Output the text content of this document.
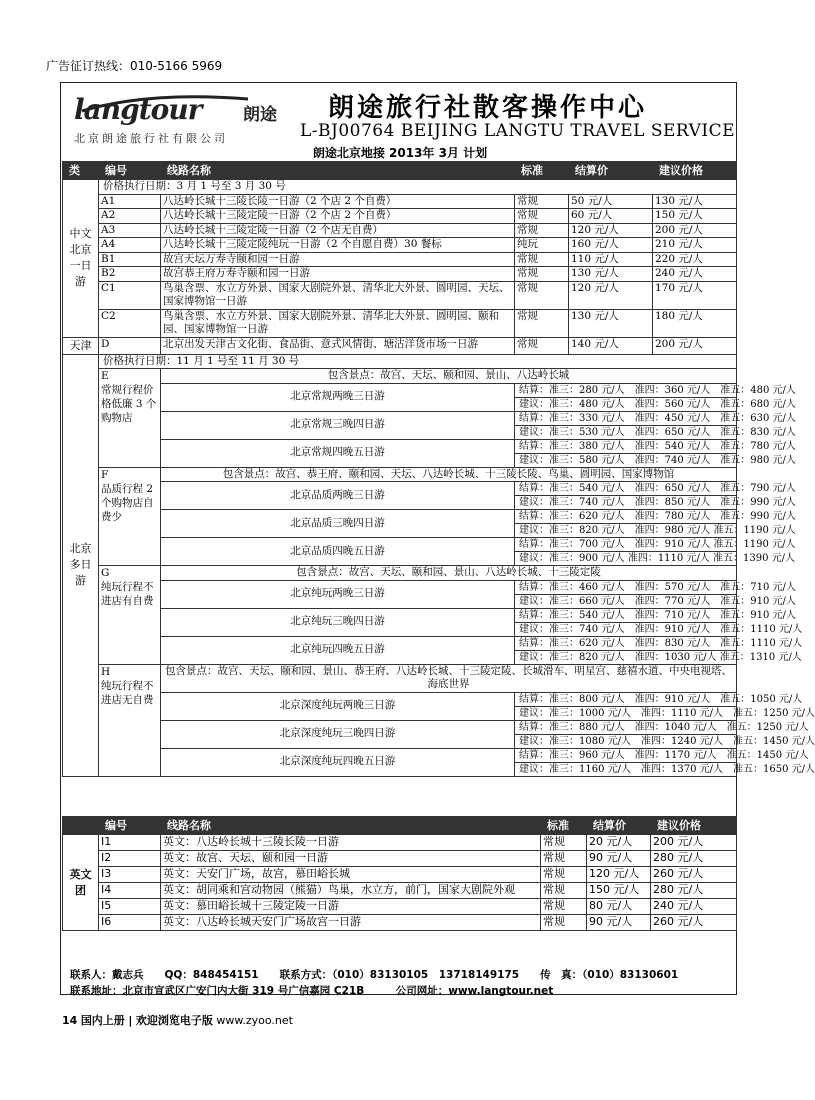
广告征订热线：010-5166 5969
langtour 朗途
北京朗途旅行社有限公司
朗途旅行社散客操作中心
L-BJ00764 BEIJING LANGTU TRAVEL SERVICE
朗途北京地接 2013年 3月 计划
类	编号	线路名称	标准	结算价	建议价格
中文北京一日游	价格执行日期：3 月 1 号至 3 月 30 号				
	A1	八达岭长城十三陵长陵一日游（2 个店 2 个自费）	常规	50 元/人	130 元/人
	A2	八达岭长城十三陵定陵一日游（2 个店 2 个自费）	常规	60 元/人	150 元/人
	A3	八达岭长城十三陵定陵一日游（2 个店无自费）	常规	120 元/人	200 元/人
	A4	八达岭长城十三陵定陵纯玩一日游（2 个自愿自费）30 餐标	纯玩	160 元/人	210 元/人
	B1	故宫天坛万寿寺颐和园一日游	常规	110 元/人	220 元/人
	B2	故宫恭王府万寿寺颐和园一日游	常规	130 元/人	240 元/人
	C1	鸟巢含票、水立方外景、国家大剧院外景、清华北大外景、圆明园、天坛、国家博物馆一日游	常规	120 元/人	170 元/人
	C2	鸟巢含票、水立方外景、国家大剧院外景、清华北大外景、圆明园、颐和园、国家博物馆一日游	常规	130 元/人	180 元/人
天津	D	北京出发天津古文化街、食品街、意式风情街、塘沽洋货市场一日游	常规	140 元/人	200 元/人
北京多日游	价格执行日期：11 月 1 号至 11 月 30 号				

	E
常规行程价格低廉 3 个购物店	包含景点：故宫、天坛、颐和园、景山、八达岭长城			
		北京常规两晚三日游	结算：准三：280 元/人　准四：360 元/人　准五：480 元/人		
			建议：准三：480 元/人　准四：560 元/人　准五：680 元/人		
		北京常规三晚四日游	结算：准三：330 元/人　准四：450 元/人　准五：630 元/人		
			建议：准三：530 元/人　准四：650 元/人　准五：830 元/人		
		北京常规四晚五日游	结算：准三：380 元/人　准四：540 元/人　准五：780 元/人		
			建议：准三：580 元/人　准四：740 元/人　准五：980 元/人		

	F
品质行程 2 个购物店自费少	包含景点：故宫、恭王府、颐和园、天坛、八达岭长城、十三陵长陵、鸟巢、圆明园、国家博物馆			
		北京品质两晚三日游	结算：准三：540 元/人　准四：650 元/人　准五：790 元/人		
			建议：准三：740 元/人　准四：850 元/人　准五：990 元/人		
		北京品质三晚四日游	结算：准三：620 元/人　准四：780 元/人　准五：990 元/人		
			建议：准三：820 元/人　准四：980 元/人 准五：1190 元/人		
		北京品质四晚五日游	结算：准三：700 元/人　准四：910 元/人 准五：1190 元/人		
			建议：准三：900 元/人 准四：1110 元/人 准五：1390 元/人		

	G
纯玩行程不进店有自费	包含景点：故宫、天坛、颐和园、景山、八达岭长城、十三陵定陵			
		北京纯玩两晚三日游	结算：准三：460 元/人　准四：570 元/人　准五：710 元/人		
			建议：准三：660 元/人　准四：770 元/人　准五：910 元/人		
		北京纯玩三晚四日游	结算：准三：540 元/人　准四：710 元/人　准五：910 元/人		
			建议：准三：740 元/人　准四：910 元/人　准五：1110 元/人		
		北京纯玩四晚五日游	结算：准三：620 元/人　准四：830 元/人　准五：1110 元/人		
			建议：准三：820 元/人　准四：1030 元/人 准五：1310 元/人		

	H
纯玩行程不进店无自费	包含景点：故宫、天坛、颐和园、景山、恭王府、八达岭长城、十三陵定陵、长城滑车、明星宫、慈禧水道、中央电视塔、海底世界			
		北京深度纯玩两晚三日游	结算：准三：800 元/人　准四：910 元/人　准五：1050 元/人		
			建议：准三：1000 元/人　准四：1110 元/人　准五：1250 元/人		
		北京深度纯玩三晚四日游	结算：准三：880 元/人　准四：1040 元/人　准五：1250 元/人		
			建议：准三：1080 元/人　准四：1240 元/人　准五：1450 元/人		
		北京深度纯玩四晚五日游	结算：准三：960 元/人　准四：1170 元/人　准五：1450 元/人		
			建议：准三：1160 元/人　准四：1370 元/人　准五：1650 元/人		
	编号	线路名称	标准	结算价	建议价格
英文团	I1	英文：八达岭长城十三陵长陵一日游	常规	20 元/人	200 元/人
	I2	英文：故宫、天坛、颐和园一日游	常规	90 元/人	280 元/人
	I3	英文：天安门广场，故宫，慕田峪长城	常规	120 元/人	260 元/人
	I4	英文：胡同乘和宫动物园（熊猫）鸟巢，水立方，前门，国家大剧院外观	常规	150 元/人	280 元/人
	I5	英文：慕田峪长城十三陵定陵一日游	常规	80 元/人	240 元/人
	I6	英文：八达岭长城天安门广场故宫一日游	常规	90 元/人	260 元/人
联系人：戴志兵　　QQ：848454151　　联系方式：（010）83130105　13718149175　　传　真：（010）83130601
联系地址：北京市宣武区广安门内大街 319 号广信嘉园 C21B　　　公司网址：www.langtour.net
14 国内上册 | 欢迎浏览电子版 www.zyoo.net
